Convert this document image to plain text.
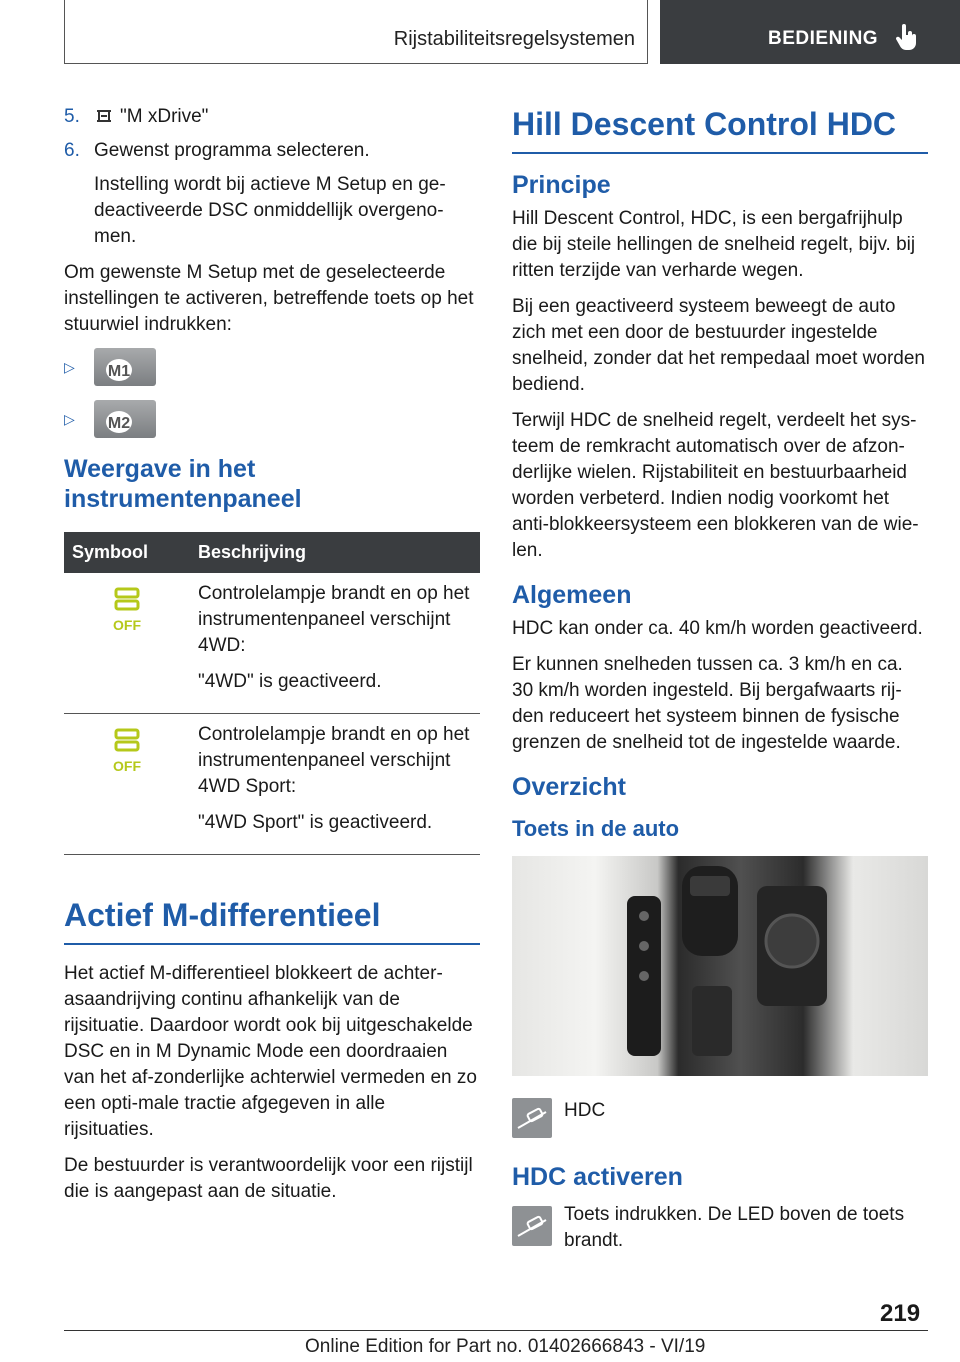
Rijstabiliteitsregelsystemen	BEDIENING
5.	"M xDrive"
6. Gewenst programma selecteren.

Instelling wordt bij actieve M Setup en ge-deactiveerde DSC onmiddellijk overgeno-men.

Om gewenste M Setup met de geselecteerde instellingen te activeren, betreffende toets op het stuurwiel indrukken:

▷	M1
▷	M2
Weergave in het instrumentenpaneel
Symbool	Beschrijving

OFF	Controlelampje brandt en op het instrumentenpaneel verschijnt 4WD:

"4WD" is geactiveerd.

OFF	Controlelampje brandt en op het instrumentenpaneel verschijnt 4WD Sport:

"4WD Sport" is geactiveerd.

Actief M-differentieel

Het actief M-differentieel blokkeert de achter-asaandrijving continu afhankelijk van de rijsituatie. Daardoor wordt ook bij uitgeschakelde DSC en in M Dynamic Mode een doordraaien van het af-zonderlijke achterwiel vermeden en zo een opti-male tractie afgegeven in alle rijsituaties.

De bestuurder is verantwoordelijk voor een rijstijl die is aangepast aan de situatie.

Hill Descent Control HDC
Principe

Hill Descent Control, HDC, is een bergafrijhulp die bij steile hellingen de snelheid regelt, bijv. bij ritten terzijde van verharde wegen.

Bij een geactiveerd systeem beweegt de auto zich met een door de bestuurder ingestelde snelheid, zonder dat het rempedaal moet worden bediend.

Terwijl HDC de snelheid regelt, verdeelt het sys-teem de remkracht automatisch over de afzon-derlijke wielen. Rijstabiliteit en bestuurbaarheid worden verbeterd. Indien nodig voorkomt het anti-blokkeersysteem een blokkeren van de wie-len.

Algemeen

HDC kan onder ca. 40 km/h worden geactiveerd.

Er kunnen snelheden tussen ca. 3 km/h en ca. 30 km/h worden ingesteld. Bij bergafwaarts rij-den reduceert het systeem binnen de fysische grenzen de snelheid tot de ingestelde waarde.

Overzicht
Toets in de auto
HDC
HDC activeren
Toets indrukken. De LED boven de toets brandt.
219
Online Edition for Part no. 01402666843 - VI/19
